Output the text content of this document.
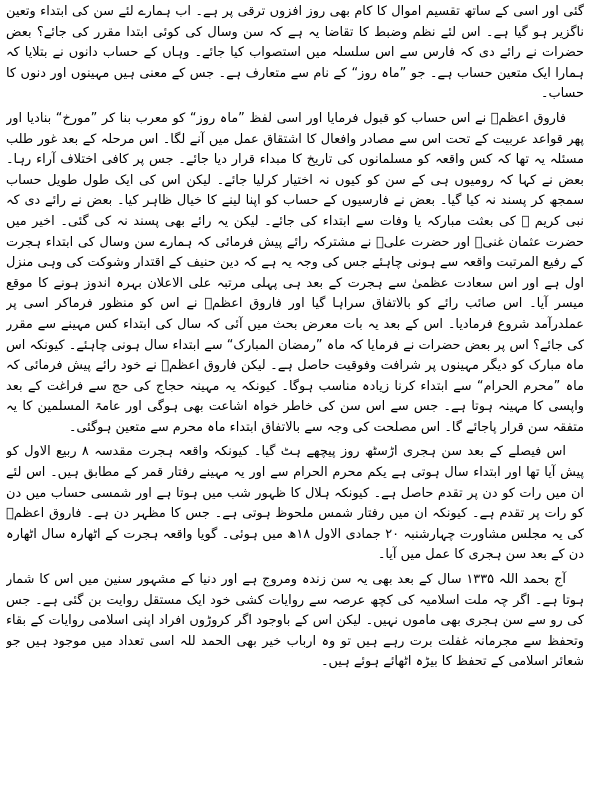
گئی اور اسی کے ساتھ تقسیم اموال کا کام بھی روز افزوں ترقی پر ہے۔ اب ہمارے لئے سن کی ابتداء وتعین ناگزیر ہو گیا ہے۔ اس لئے نظم وضبط کا تقاضا یہ ہے کہ سن وسال کی کوئی ابتدا مقرر کی جائے؟ بعض حضرات نے رائے دی کہ فارس سے اس سلسلہ میں استصواب کیا جائے۔ وہاں کے حساب دانوں نے بتلایا کہ ہمارا ایک متعین حساب ہے۔ جو ”ماہ روز“ کے نام سے متعارف ہے۔ جس کے معنی ہیں مہینوں اور دنوں کا حساب۔

فاروق اعظمؓ نے اس حساب کو قبول فرمایا اور اسی لفظ ”ماہ روز“ کو معرب بنا کر ”مورخ“ بنادیا اور پھر قواعد عربیت کے تحت اس سے مصادر وافعال کا اشتقاق عمل میں آنے لگا۔ اس مرحلہ کے بعد غور طلب مسئلہ یہ تھا کہ کس واقعہ کو مسلمانوں کی تاریخ کا مبداء قرار دیا جائے۔ جس پر کافی اختلاف آراء رہا۔ بعض نے کہا کہ رومیوں ہی کے سن کو کیوں نہ اختیار کرلیا جائے۔ لیکن اس کی ایک طول طویل حساب سمجھ کر پسند نہ کیا گیا۔ بعض نے فارسیوں کے حساب کو اپنا لینے کا خیال ظاہر کیا۔ بعض نے رائے دی کہ نبی کریم ﷺ کی بعثت مبارکہ یا وفات سے ابتداء کی جائے۔ لیکن یہ رائے بھی پسند نہ کی گئی۔ اخیر میں حضرت عثمان غنیؓ اور حضرت علیؓ نے مشترکہ رائے پیش فرمائی کہ ہمارے سن وسال کی ابتداء ہجرت کے رفیع المرتبت واقعہ سے ہونی چاہئے جس کی وجہ یہ ہے کہ دین حنیف کے اقتدار وشوکت کی وہی منزل اول ہے اور اس سعادت عظمیٰ سے ہجرت کے بعد ہی پہلی مرتبہ علی الاعلان بہرہ اندوز ہونے کا موقع میسر آیا۔ اس صائب رائے کو بالاتفاق سراہا گیا اور فاروق اعظمؓ نے اس کو منظور فرماکر اسی پر عملدرآمد شروع فرمادیا۔ اس کے بعد یہ بات معرض بحث میں آئی کہ سال کی ابتداء کس مہینے سے مقرر کی جائے؟ اس پر بعض حضرات نے فرمایا کہ ماہ ”رمضان المبارک“ سے ابتداء سال ہونی چاہئے۔ کیونکہ اس ماہ مبارک کو دیگر مہینوں پر شرافت وفوقیت حاصل ہے۔ لیکن فاروق اعظمؓ نے خود رائے پیش فرمائی کہ ماہ ”محرم الحرام“ سے ابتداء کرنا زیادہ مناسب ہوگا۔ کیونکہ یہ مہینہ حجاج کی حج سے فراغت کے بعد واپسی کا مہینہ ہوتا ہے۔ جس سے اس سن کی خاطر خواہ اشاعت بھی ہوگی اور عامۃ المسلمین کا یہ متفقہ سن قرار پاجائے گا۔ اس مصلحت کی وجہ سے بالاتفاق ابتداء ماہ محرم سے متعین ہوگئی۔

اس فیصلے کے بعد سن ہجری اڑسٹھ روز پیچھے ہٹ گیا۔ کیونکہ واقعہ ہجرت مقدسہ ۸ ربیع الاول کو پیش آیا تھا اور ابتداء سال ہوتی ہے یکم محرم الحرام سے اور یہ مہینے رفتار قمر کے مطابق ہیں۔ اس لئے ان میں رات کو دن پر تقدم حاصل ہے۔ کیونکہ ہلال کا ظہور شب میں ہوتا ہے اور شمسی حساب میں دن کو رات پر تقدم ہے۔ کیونکہ ان میں رفتار شمس ملحوظ ہوتی ہے۔ جس کا مظہر دن ہے۔ فاروق اعظمؓ کی یہ مجلس مشاورت چہارشنبہ ۲۰ جمادی الاول ۱۸ھ میں ہوئی۔ گویا واقعہ ہجرت کے اٹھارہ سال اٹھارہ دن کے بعد سن ہجری کا عمل میں آیا۔

آج بحمد اللہ ۱۳۳۵ سال کے بعد بھی یہ سن زندہ ومروج ہے اور دنیا کے مشہور سنین میں اس کا شمار ہوتا ہے۔ اگر چہ ملت اسلامیہ کی کچھ عرصہ سے روایات کشی خود ایک مستقل روایت بن گئی ہے۔ جس کی رو سے سن ہجری بھی ماموں نہیں۔ لیکن اس کے باوجود اگر کروڑوں افراد اپنی اسلامی روایات کے بقاء وتحفظ سے مجرمانہ غفلت برت رہے ہیں تو وہ ارباب خیر بھی الحمد للہ اسی تعداد میں موجود ہیں جو شعائر اسلامی کے تحفظ کا بیڑہ اٹھائے ہوئے ہیں۔
